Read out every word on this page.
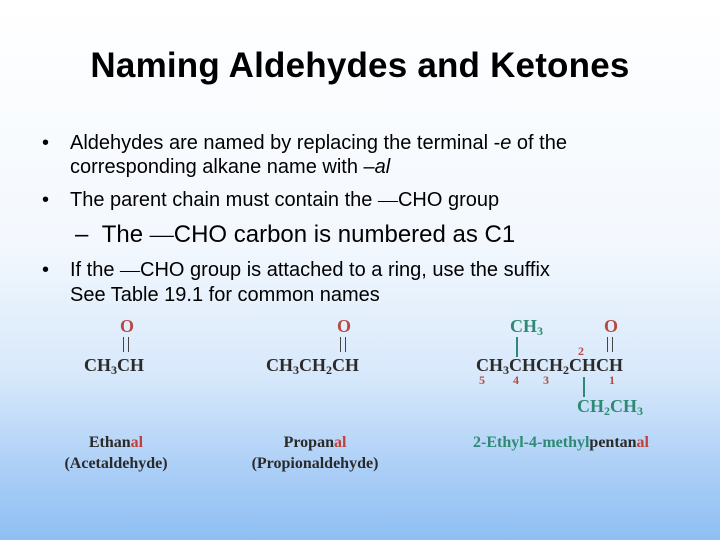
Naming Aldehydes and Ketones
• Aldehydes are named by replacing the terminal -e of the
corresponding alkane name with –al
• The parent chain must contain the —CHO group
– The —CHO carbon is numbered as C1
• If the —CHO group is attached to a ring, use the suffix
See Table 19.1 for common names
O
$CH_3CH$
Ethanal
(Acetaldehyde)
O
$CH_3CH_2CH$
Propanal
(Propionaldehyde)
$CH_3$	O
$CH_3CHCH_2CHCH$
5 4 3
2
1
$CH_2CH_3$
2-Ethyl-4-methylpentanal
